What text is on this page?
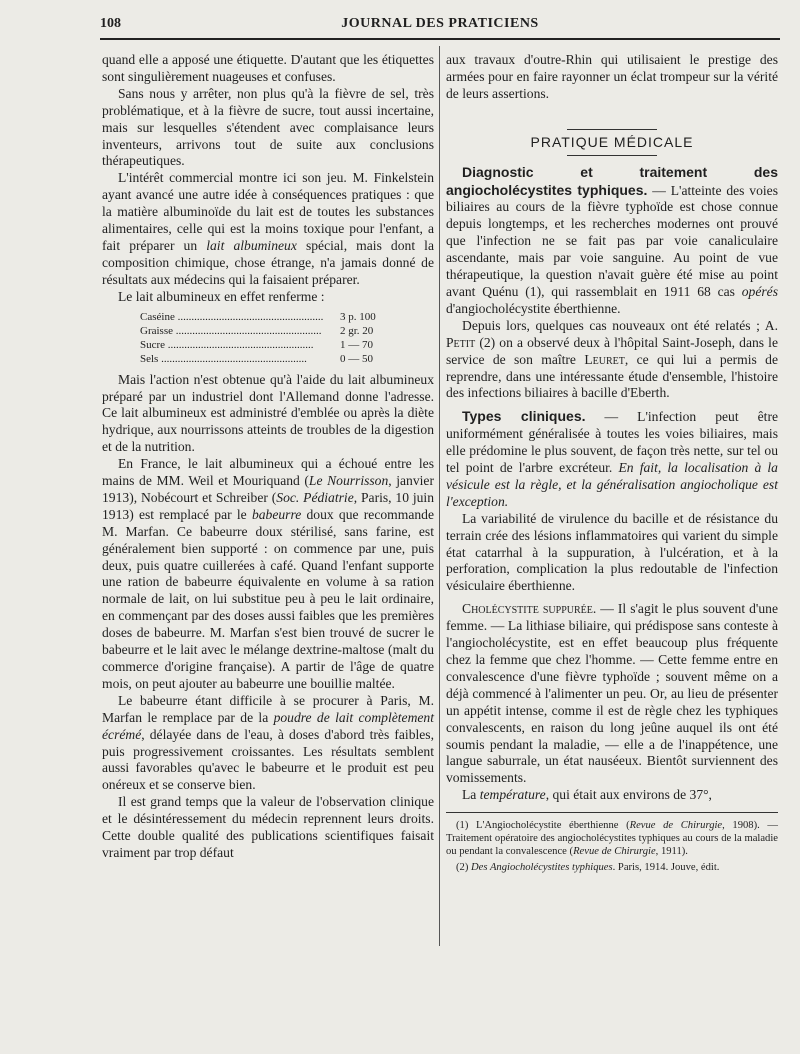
108	JOURNAL DES PRATICIENS

quand elle a apposé une étiquette. D'autant que les étiquettes sont singulièrement nuageuses et confuses.

Sans nous y arrêter, non plus qu'à la fièvre de sel, très problématique, et à la fièvre de sucre, tout aussi incertaine, mais sur lesquelles s'étendent avec complaisance leurs inventeurs, arrivons tout de suite aux conclusions thérapeutiques.

L'intérêt commercial montre ici son jeu. M. Finkelstein ayant avancé une autre idée à conséquences pratiques : que la matière albuminoïde du lait est de toutes les substances alimentaires, celle qui est la moins toxique pour l'enfant, a fait préparer un lait albumineux spécial, mais dont la composition chimique, chose étrange, n'a jamais donné de résultats aux médecins qui la faisaient préparer.

Le lait albumineux en effet renferme :

Caséine .....	3 p. 100
Graisse .....	2 gr. 20
Sucre .....	1 — 70
Sels .....	0 — 50

Mais l'action n'est obtenue qu'à l'aide du lait albumineux préparé par un industriel dont l'Allemand donne l'adresse. Ce lait albumineux est administré d'emblée ou après la diète hydrique, aux nourrissons atteints de troubles de la digestion et de la nutrition.

En France, le lait albumineux qui a échoué entre les mains de MM. Weil et Mouriquand (Le Nourrisson, janvier 1913), Nobécourt et Schreiber (Soc. Pédiatrie, Paris, 10 juin 1913) est remplacé par le babeurre doux que recommande M. Marfan. Ce babeurre doux stérilisé, sans farine, est généralement bien supporté : on commence par une, puis deux, puis quatre cuillerées à café. Quand l'enfant supporte une ration de babeurre équivalente en volume à sa ration normale de lait, on lui substitue peu à peu le lait ordinaire, en commençant par des doses aussi faibles que les premières doses de babeurre. M. Marfan s'est bien trouvé de sucrer le babeurre et le lait avec le mélange dextrine-maltose (malt du commerce d'origine française). A partir de l'âge de quatre mois, on peut ajouter au babeurre une bouillie maltée.

Le babeurre étant difficile à se procurer à Paris, M. Marfan le remplace par de la poudre de lait complètement écrémé, délayée dans de l'eau, à doses d'abord très faibles, puis progressivement croissantes. Les résultats semblent aussi favorables qu'avec le babeurre et le produit est peu onéreux et se conserve bien.

Il est grand temps que la valeur de l'observation clinique et le désintéressement du médecin reprennent leurs droits. Cette double qualité des publications scientifiques faisait vraiment par trop défaut

aux travaux d'outre-Rhin qui utilisaient le prestige des armées pour en faire rayonner un éclat trompeur sur la vérité de leurs assertions.

PRATIQUE MÉDICALE

Diagnostic et traitement des angiocholécystites typhiques. — L'atteinte des voies biliaires au cours de la fièvre typhoïde est chose connue depuis longtemps, et les recherches modernes ont prouvé que l'infection ne se fait pas par voie canaliculaire ascendante, mais par voie sanguine. Au point de vue thérapeutique, la question n'avait guère été mise au point avant Quénu (1), qui rassemblait en 1911 68 cas opérés d'angiocholécystite éberthienne.

Depuis lors, quelques cas nouveaux ont été relatés ; A. Petit (2) on a observé deux à l'hôpital Saint-Joseph, dans le service de son maître Leuret, ce qui lui a permis de reprendre, dans une intéressante étude d'ensemble, l'histoire des infections biliaires à bacille d'Eberth.

Types cliniques. — L'infection peut être uniformément généralisée à toutes les voies biliaires, mais elle prédomine le plus souvent, de façon très nette, sur tel ou tel point de l'arbre excréteur. En fait, la localisation à la vésicule est la règle, et la généralisation angiocholique est l'exception.

La variabilité de virulence du bacille et de résistance du terrain crée des lésions inflammatoires qui varient du simple état catarrhal à la suppuration, à l'ulcération, et à la perforation, complication la plus redoutable de l'infection vésiculaire éberthienne.

Cholécystite suppurée. — Il s'agit le plus souvent d'une femme. — La lithiase biliaire, qui prédispose sans conteste à l'angiocholécystite, est en effet beaucoup plus fréquente chez la femme que chez l'homme. — Cette femme entre en convalescence d'une fièvre typhoïde ; souvent même on a déjà commencé à l'alimenter un peu. Or, au lieu de présenter un appétit intense, comme il est de règle chez les typhiques convalescents, en raison du long jeûne auquel ils ont été soumis pendant la maladie, — elle a de l'inappétence, une langue saburrale, un état nauséeux. Bientôt surviennent des vomissements.

La température, qui était aux environs de 37°,

(1) L'Angiocholécystite éberthienne (Revue de Chirurgie, 1908). — Traitement opératoire des angiocholécystites typhiques au cours de la maladie ou pendant la convalescence (Revue de Chirurgie, 1911).

(2) Des Angiocholécystites typhiques. Paris, 1914. Jouve, édit.
